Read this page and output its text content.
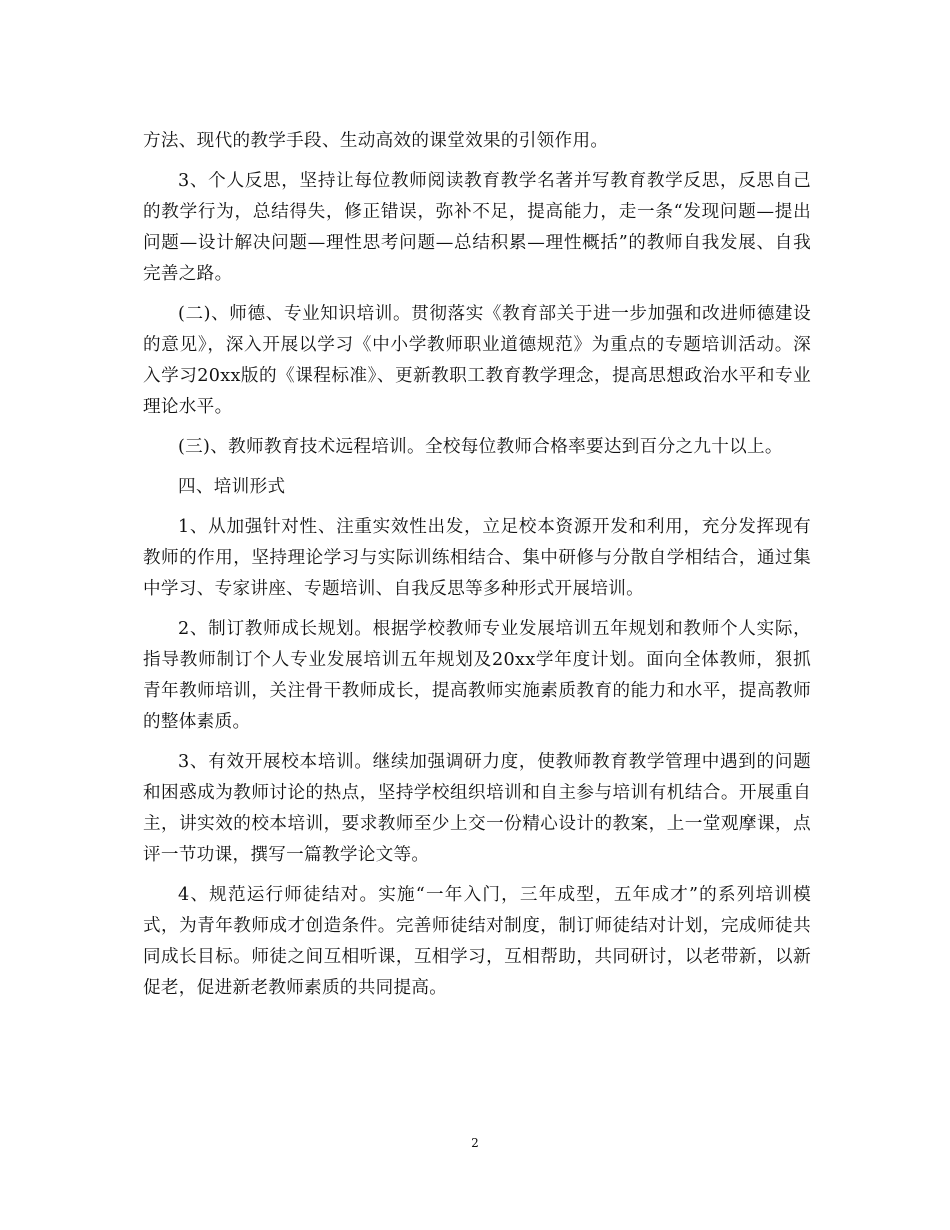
方法、现代的教学手段、生动高效的课堂效果的引领作用。

3、个人反思，坚持让每位教师阅读教育教学名著并写教育教学反思，反思自己的教学行为，总结得失，修正错误，弥补不足，提高能力，走一条“发现问题—提出问题—设计解决问题—理性思考问题—总结积累—理性概括”的教师自我发展、自我完善之路。

(二)、师德、专业知识培训。贯彻落实《教育部关于进一步加强和改进师德建设的意见》，深入开展以学习《中小学教师职业道德规范》为重点的专题培训活动。深入学习20xx版的《课程标准》、更新教职工教育教学理念，提高思想政治水平和专业理论水平。

(三)、教师教育技术远程培训。全校每位教师合格率要达到百分之九十以上。

四、培训形式

1、从加强针对性、注重实效性出发，立足校本资源开发和利用，充分发挥现有教师的作用，坚持理论学习与实际训练相结合、集中研修与分散自学相结合，通过集中学习、专家讲座、专题培训、自我反思等多种形式开展培训。

2、制订教师成长规划。根据学校教师专业发展培训五年规划和教师个人实际，指导教师制订个人专业发展培训五年规划及20xx学年度计划。面向全体教师，狠抓青年教师培训，关注骨干教师成长，提高教师实施素质教育的能力和水平，提高教师的整体素质。

3、有效开展校本培训。继续加强调研力度，使教师教育教学管理中遇到的问题和困惑成为教师讨论的热点，坚持学校组织培训和自主参与培训有机结合。开展重自主，讲实效的校本培训，要求教师至少上交一份精心设计的教案，上一堂观摩课，点评一节功课，撰写一篇教学论文等。

4、规范运行师徒结对。实施“一年入门，三年成型，五年成才”的系列培训模式，为青年教师成才创造条件。完善师徒结对制度，制订师徒结对计划，完成师徒共同成长目标。师徒之间互相听课，互相学习，互相帮助，共同研讨，以老带新，以新促老，促进新老教师素质的共同提高。

2
